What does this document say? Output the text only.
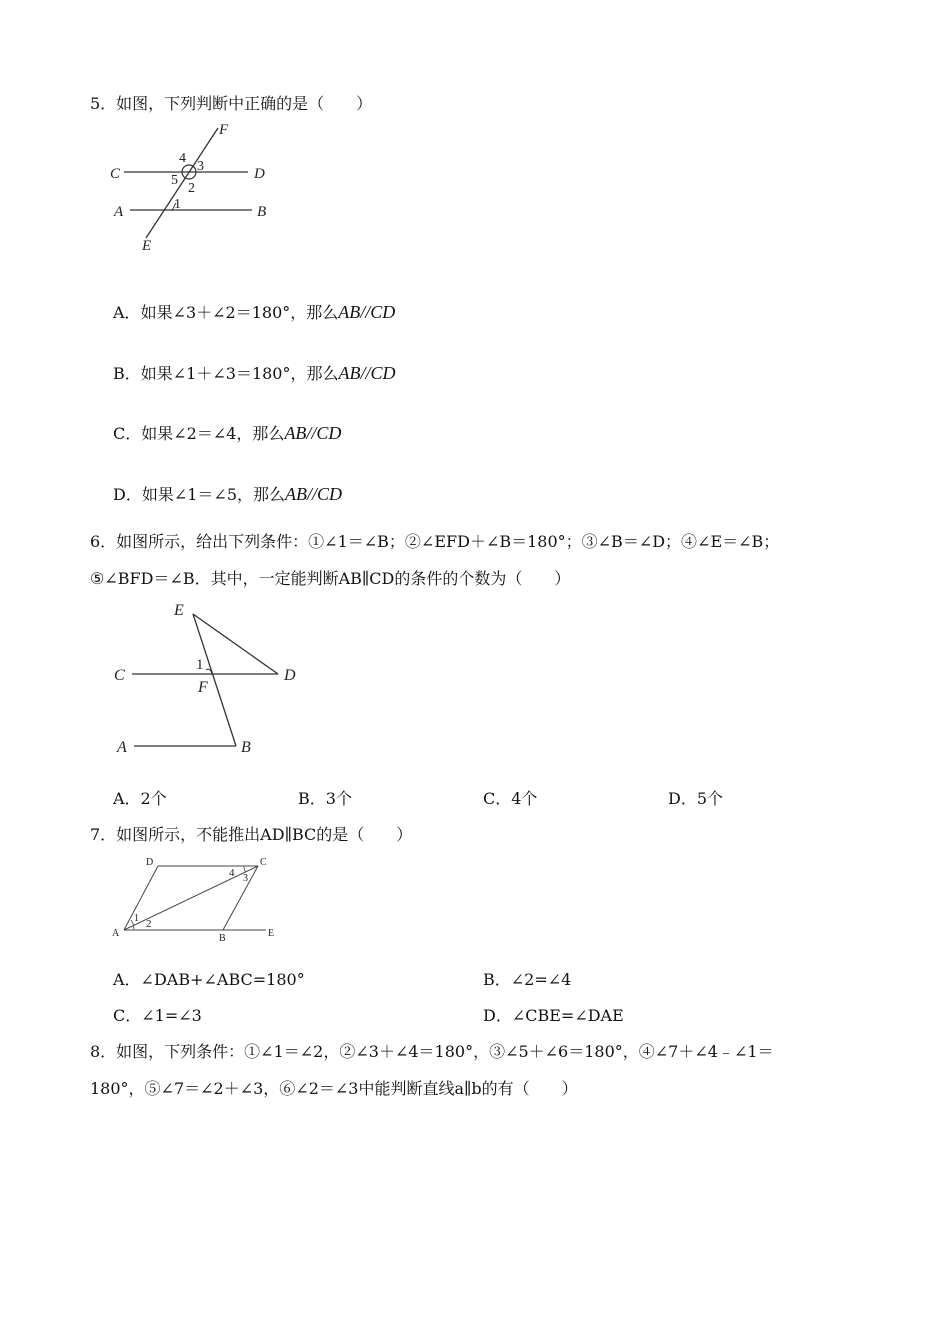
5．如图，下列判断中正确的是（　　）
F
C	D
A	B
E
4
3
5
2
1
A．如果∠3＋∠2＝180°，那么AB//CD
B．如果∠1＋∠3＝180°，那么AB//CD
C．如果∠2＝∠4，那么AB//CD
D．如果∠1＝∠5，那么AB//CD
6．如图所示，给出下列条件：①∠1＝∠B；②∠EFD＋∠B＝180°；③∠B＝∠D；④∠E＝∠B；
⑤∠BFD＝∠B．其中，一定能判断AB∥CD的条件的个数为（　　）
E
C	D
1
F
A	B
A．2个	B．3个	C．4个	D．5个
7．如图所示，不能推出AD∥BC的是（　　）
D	C
A	B	E
1 2
3
4
A．∠DAB+∠ABC=180°	B．∠2=∠4
C．∠1=∠3	D．∠CBE=∠DAE
8．如图，下列条件：①∠1＝∠2，②∠3＋∠4＝180°，③∠5＋∠6＝180°，④∠7＋∠4﹣∠1＝
180°，⑤∠7＝∠2＋∠3，⑥∠2＝∠3中能判断直线a∥b的有（　　）
